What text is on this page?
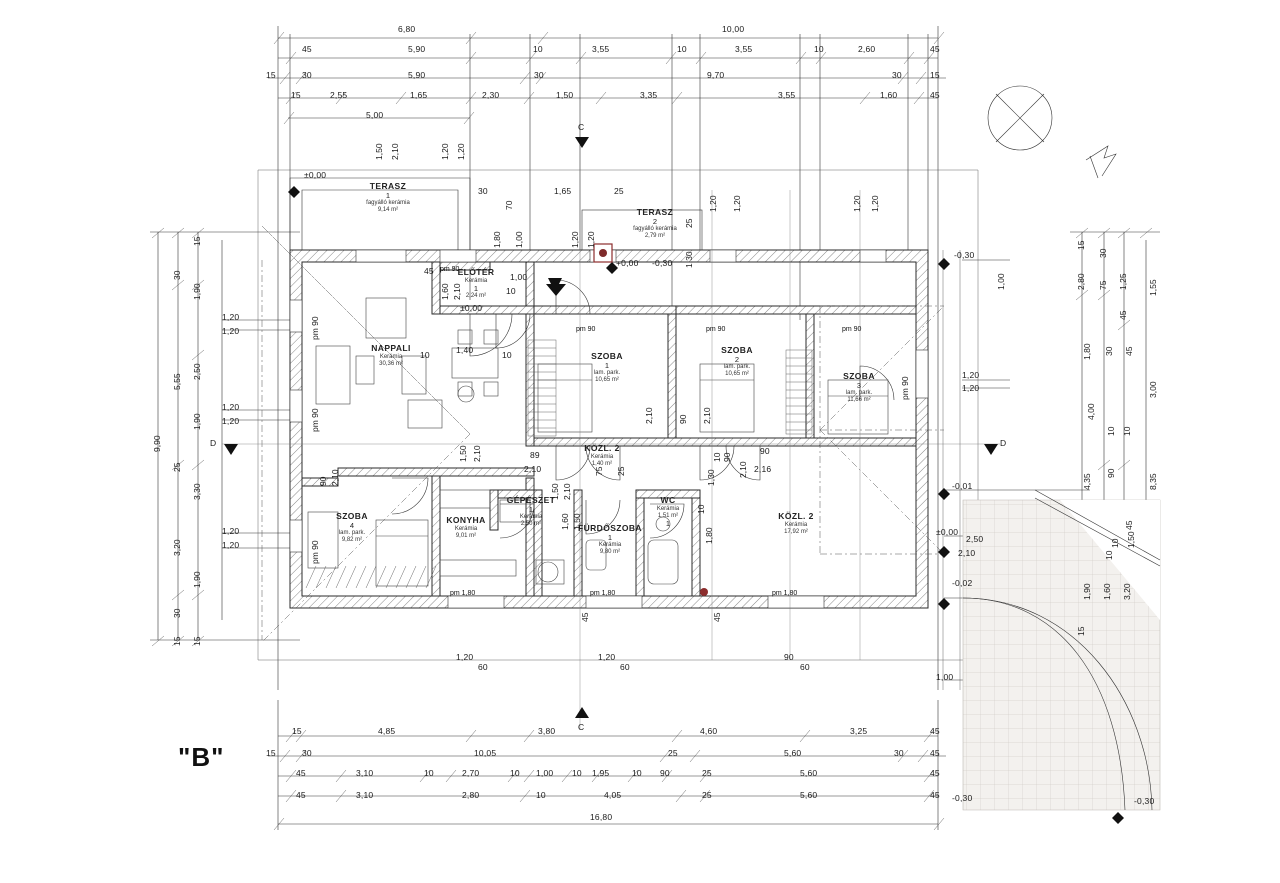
6,80	10,00
45	5,90	10	3,55	10	3,55	10	2,60	45
15	30	5,90	30	9,70	30	15
15	2,55	1,65	2,30	1,50	3,35	3,55	1,60	45
5,00
1,50 2,10	1,20 1,20
1,80
70
1,00	1,20 1,20
1,65	25
30
1,20 1,20	1,20 1,20
25
1,30
±0,00
±0,00
+0,00 -0,30
-0,30
-0,01
±0,00
-0,02
-0,30
-0,30
C
C
D	D
TERASZ
1
fagyálló kerámia
9,14 m²	TERASZ
2
fagyálló kerámia
2,79 m²
ELŐTÉR
Kerámia
1
2,24 m²
NAPPALI
Kerámia
30,36 m²
SZOBA
1
lam. park.
10,65 m²
SZOBA
2
lam. park.
10,65 m²	SZOBA
3
lam. park.
11,66 m²
SZOBA
4
lam. park.
9,82 m²
KÖZL. 2
Kerámia
1,40 m²
KÖZL. 2
Kerámia
17,92 m²
KONYHA
Kerámia
9,01 m²
GÉPÉSZET
1
Kerámia
2,50 m²	FÜRDŐSZOBA
1
Kerámia
9,80 m²
WC
Kerámia
1,51 m²
1
pm 90	pm 90	pm 90
pm 90
pm 90
pm 90
pm 90
pm 90
pm 1,80	pm 1,80	pm 1,80
10
1,00
45
1,60 2,10
1,40
10	10
89
2,10
2,10	90 2,10
90
2,16
2,10
10 90
1,50 2,10
90 2,10
1,50 2,10
75 25	1,30
10
1,80
1,60 1,50
45	45
1,20
60
1,20
60
90
60
1,00
15	4,85	3,80	4,60	3,25	45
15	30	10,05	25	5,60	30	45
45	3,10	10	2,70	10 1,00 10 1,95	10 90	25	5,60	45
45	3,10	2,80	10	4,05	25	5,60	45
16,80
9,90
30
5,55
25
3,20
30
15
15
1,90
2,50
1,90
3,30
1,90
15
1,20
1,20
1,20
1,20
1,20
1,20
15
2,80
30
15
75 1,25
45
1,55
1,80 30 45
3,00
4,00
10 10
4,35
90
1,50
10
8,35
1,90 1,60 3,20
10
45
1,00
1,20
1,20
2,50
2,10
"B"
